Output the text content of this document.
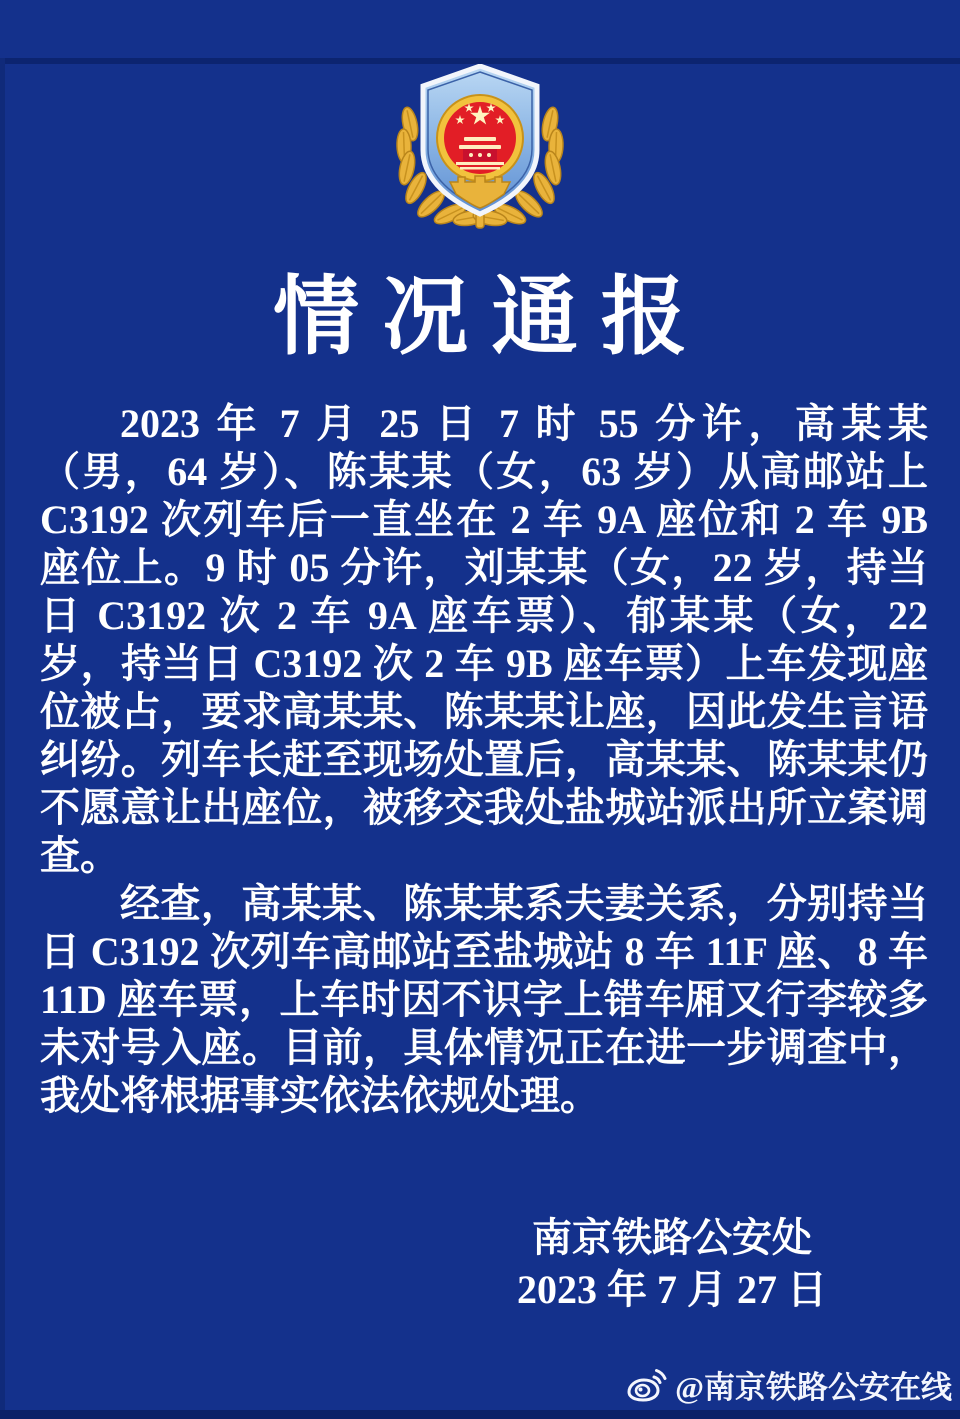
情况通报

2023 年 7 月 25 日 7 时 55 分许，高某某（男，64 岁）、陈某某（女，63 岁）从高邮站上 C3192 次列车后一直坐在 2 车 9A 座位和 2 车 9B 座位上。9 时 05 分许，刘某某（女，22 岁，持当日 C3192 次 2 车 9A 座车票）、郁某某（女，22 岁，持当日 C3192 次 2 车 9B 座车票）上车发现座位被占，要求高某某、陈某某让座，因此发生言语纠纷。列车长赶至现场处置后，高某某、陈某某仍不愿意让出座位，被移交我处盐城站派出所立案调查。

经查，高某某、陈某某系夫妻关系，分别持当日 C3192 次列车高邮站至盐城站 8 车 11F 座、8 车 11D 座车票，上车时因不识字上错车厢又行李较多未对号入座。目前，具体情况正在进一步调查中，我处将根据事实依法依规处理。

南京铁路公安处
2023 年 7 月 27 日
@南京铁路公安在线
